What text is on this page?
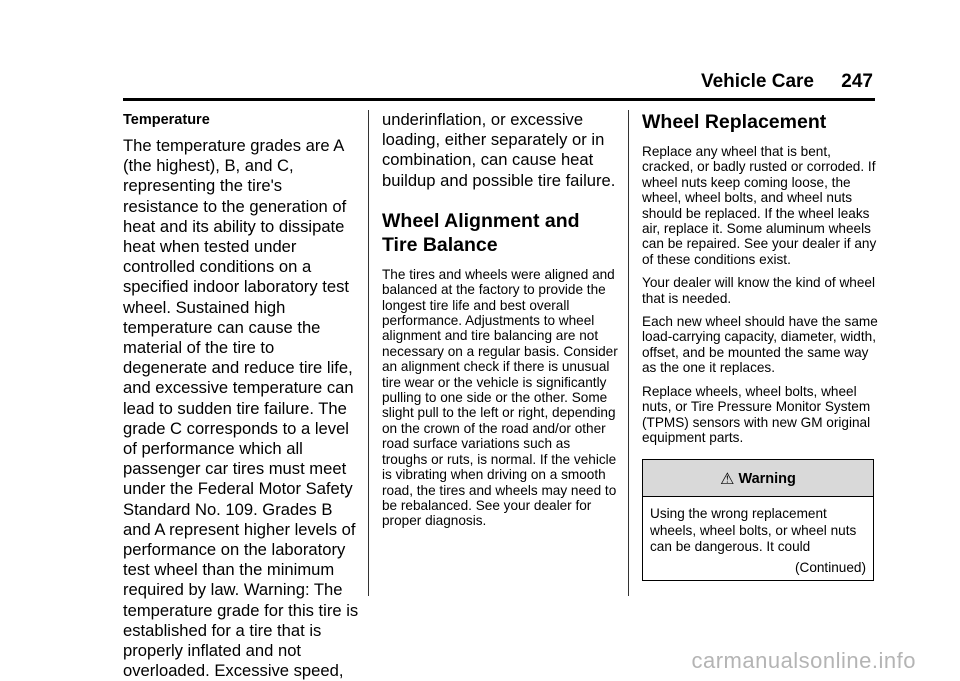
Vehicle Care 247
Temperature

The temperature grades are A (the highest), B, and C, representing the tire's resistance to the generation of heat and its ability to dissipate heat when tested under controlled conditions on a specified indoor laboratory test wheel. Sustained high temperature can cause the material of the tire to degenerate and reduce tire life, and excessive temperature can lead to sudden tire failure. The grade C corresponds to a level of performance which all passenger car tires must meet under the Federal Motor Safety Standard No. 109. Grades B and A represent higher levels of performance on the laboratory test wheel than the minimum required by law. Warning: The temperature grade for this tire is established for a tire that is properly inflated and not overloaded. Excessive speed,

underinflation, or excessive loading, either separately or in combination, can cause heat buildup and possible tire failure.

Wheel Alignment and Tire Balance

The tires and wheels were aligned and balanced at the factory to provide the longest tire life and best overall performance. Adjustments to wheel alignment and tire balancing are not necessary on a regular basis. Consider an alignment check if there is unusual tire wear or the vehicle is significantly pulling to one side or the other. Some slight pull to the left or right, depending on the crown of the road and/or other road surface variations such as troughs or ruts, is normal. If the vehicle is vibrating when driving on a smooth road, the tires and wheels may need to be rebalanced. See your dealer for proper diagnosis.

Wheel Replacement

Replace any wheel that is bent, cracked, or badly rusted or corroded. If wheel nuts keep coming loose, the wheel, wheel bolts, and wheel nuts should be replaced. If the wheel leaks air, replace it. Some aluminum wheels can be repaired. See your dealer if any of these conditions exist.

Your dealer will know the kind of wheel that is needed.

Each new wheel should have the same load-carrying capacity, diameter, width, offset, and be mounted the same way as the one it replaces.

Replace wheels, wheel bolts, wheel nuts, or Tire Pressure Monitor System (TPMS) sensors with new GM original equipment parts.

⚠ Warning

Using the wrong replacement wheels, wheel bolts, or wheel nuts can be dangerous. It could

(Continued)
carmanualsonline.info
